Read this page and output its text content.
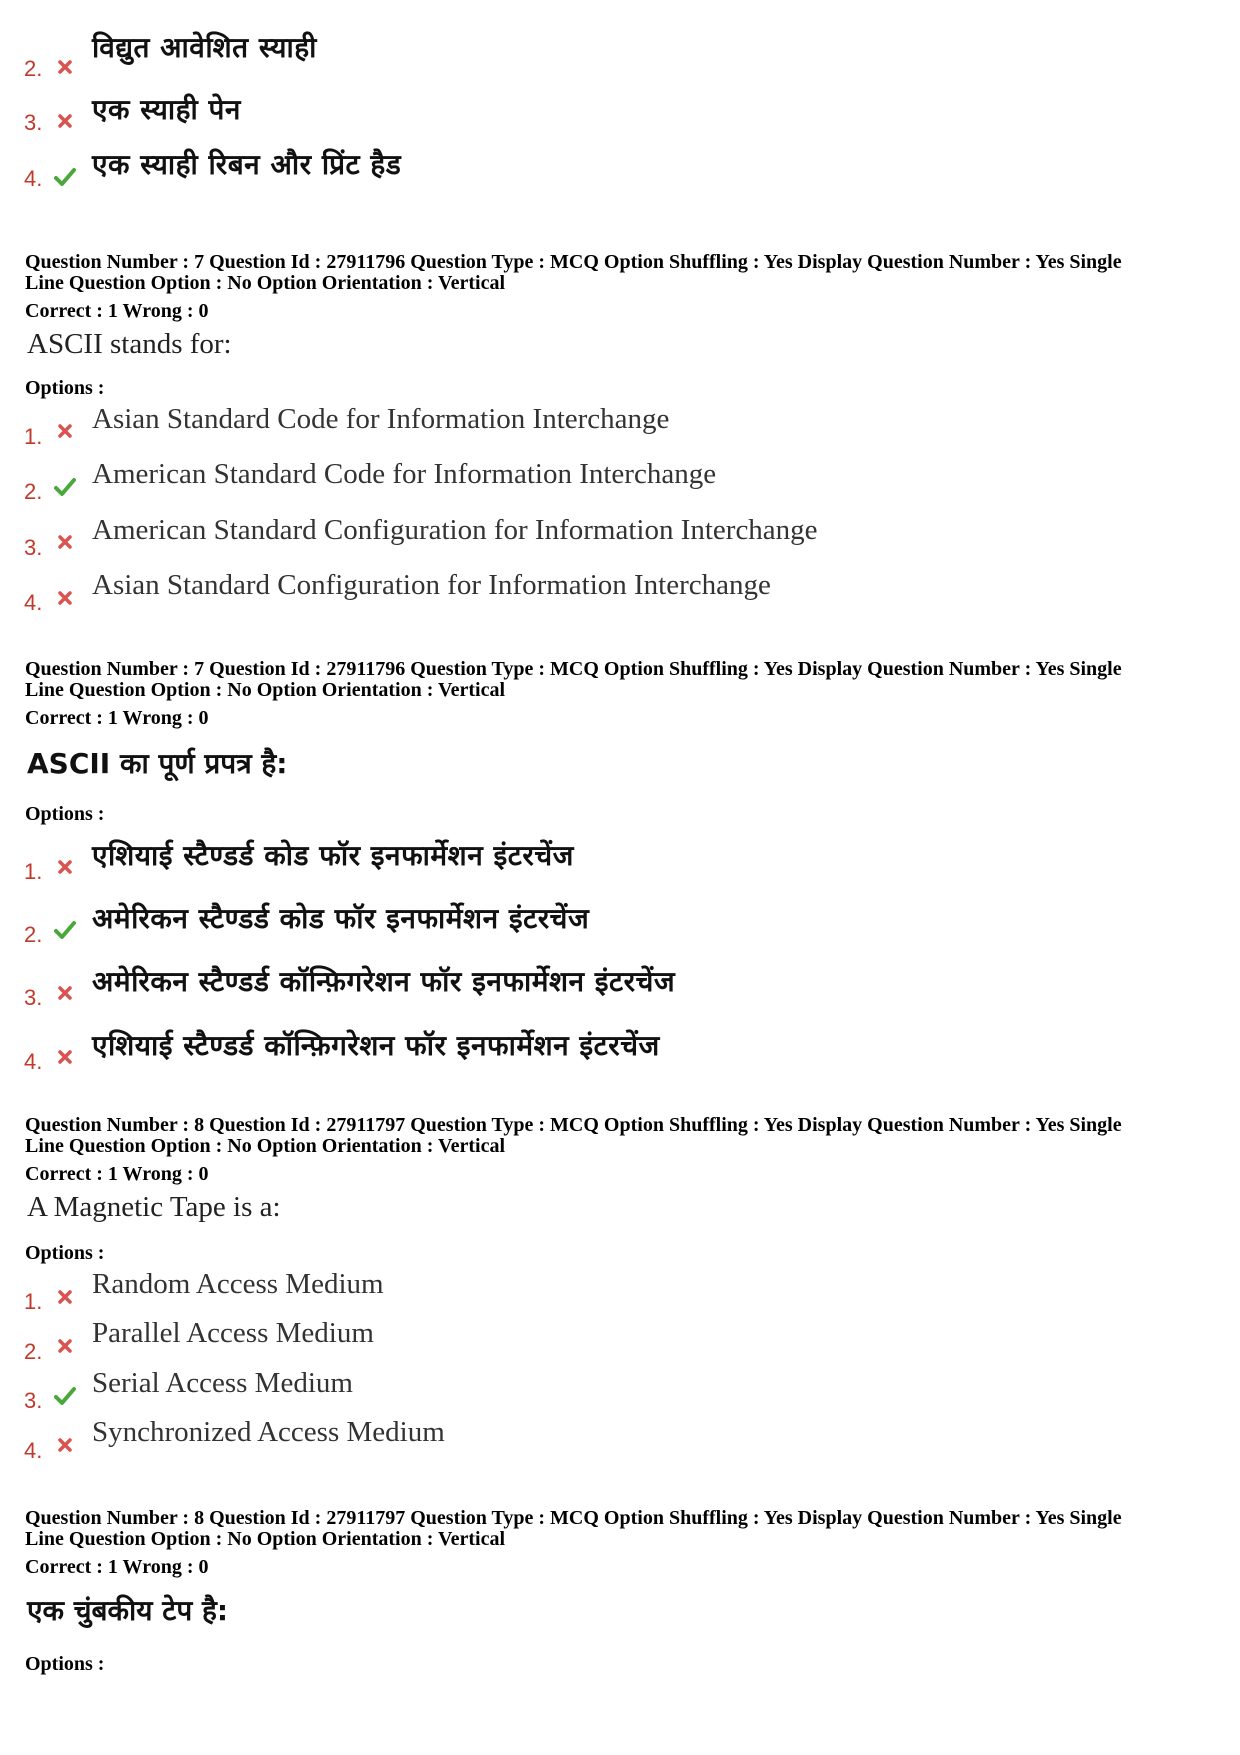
2.
विद्युत आवेशित स्याही
3. एक स्याही पेन
4. एक स्याही रिबन और प्रिंट हैड
Question Number : 7 Question Id : 27911796 Question Type : MCQ Option Shuffling : Yes Display Question Number : Yes Single
Line Question Option : No Option Orientation : Vertical
Correct : 1 Wrong : 0
ASCII stands for:
Options :
1.
Asian Standard Code for Information Interchange
2.
American Standard Code for Information Interchange
3.
American Standard Configuration for Information Interchange
4.
Asian Standard Configuration for Information Interchange
Question Number : 7 Question Id : 27911796 Question Type : MCQ Option Shuffling : Yes Display Question Number : Yes Single
Line Question Option : No Option Orientation : Vertical
Correct : 1 Wrong : 0
ASCII का पूर्ण प्रपत्र है:
Options :
1. एशियाई स्टैण्डर्ड कोड फॉर इनफार्मेशन इंटरचेंज
2. अमेरिकन स्टैण्डर्ड कोड फॉर इनफार्मेशन इंटरचेंज
3. अमेरिकन स्टैण्डर्ड कॉन्फ़िगरेशन फॉर इनफार्मेशन इंटरचेंज
4. एशियाई स्टैण्डर्ड कॉन्फ़िगरेशन फॉर इनफार्मेशन इंटरचेंज
Question Number : 8 Question Id : 27911797 Question Type : MCQ Option Shuffling : Yes Display Question Number : Yes Single
Line Question Option : No Option Orientation : Vertical
Correct : 1 Wrong : 0
A Magnetic Tape is a:
Options :
1.
Random Access Medium
2.
Parallel Access Medium
3.
Serial Access Medium
4.
Synchronized Access Medium
Question Number : 8 Question Id : 27911797 Question Type : MCQ Option Shuffling : Yes Display Question Number : Yes Single
Line Question Option : No Option Orientation : Vertical
Correct : 1 Wrong : 0
एक चुंबकीय टेप है:
Options :
